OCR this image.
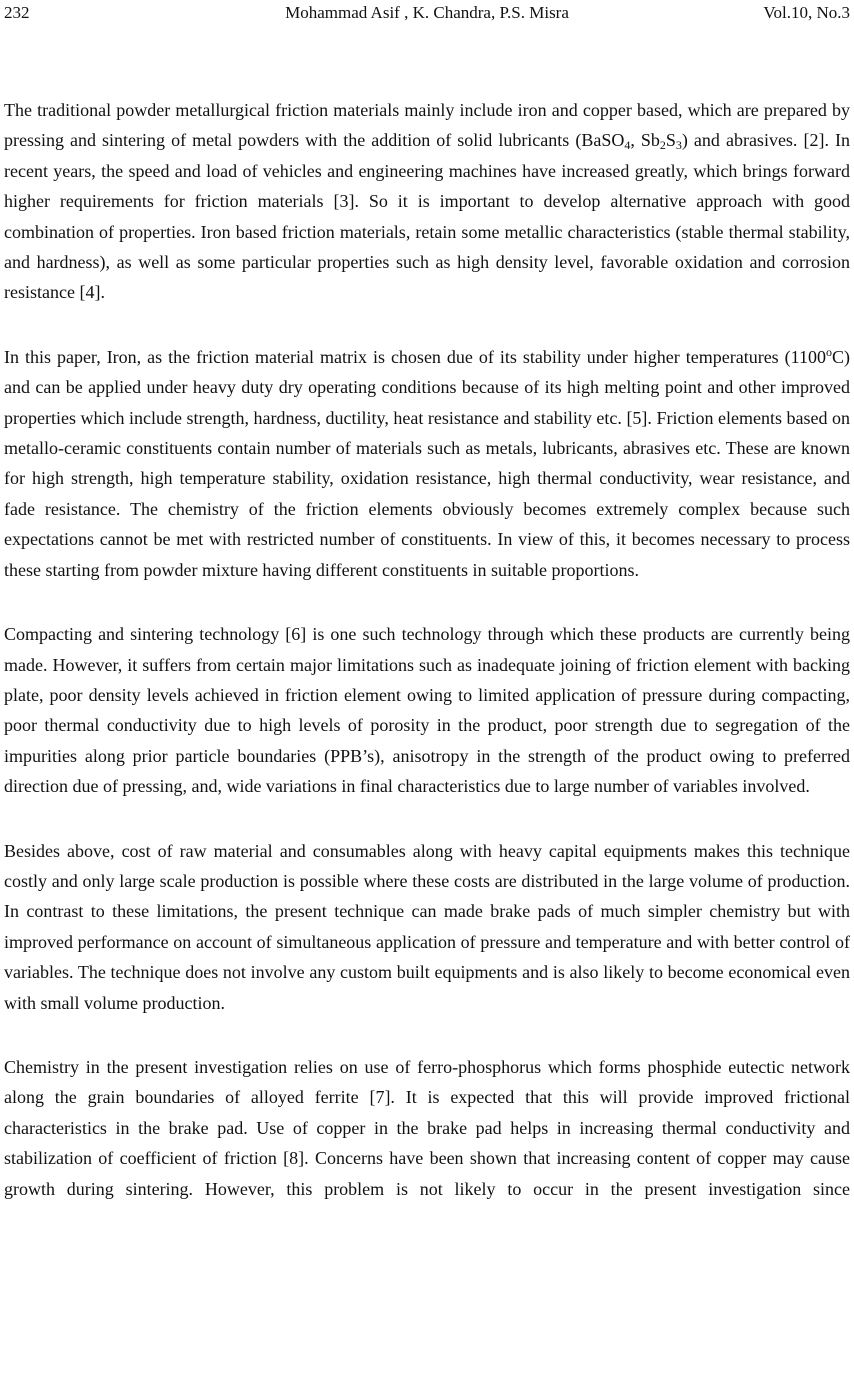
232	Mohammad Asif , K. Chandra, P.S. Misra	Vol.10, No.3

The traditional powder metallurgical friction materials mainly include iron and copper based, which are prepared by pressing and sintering of metal powders with the addition of solid lubricants (BaSO$_4$, $Sb_2S_3$) and abrasives. [2]. In recent years, the speed and load of vehicles and engineering machines have increased greatly, which brings forward higher requirements for friction materials [3]. So it is important to develop alternative approach with good combination of properties. Iron based friction materials, retain some metallic characteristics (stable thermal stability, and hardness), as well as some particular properties such as high density level, favorable oxidation and corrosion resistance [4].

In this paper, Iron, as the friction material matrix is chosen due of its stability under higher temperatures (1100$^o$C) and can be applied under heavy duty dry operating conditions because of its high melting point and other improved properties which include strength, hardness, ductility, heat resistance and stability etc. [5]. Friction elements based on metallo-ceramic constituents contain number of materials such as metals, lubricants, abrasives etc. These are known for high strength, high temperature stability, oxidation resistance, high thermal conductivity, wear resistance, and fade resistance. The chemistry of the friction elements obviously becomes extremely complex because such expectations cannot be met with restricted number of constituents. In view of this, it becomes necessary to process these starting from powder mixture having different constituents in suitable proportions.

Compacting and sintering technology [6] is one such technology through which these products are currently being made. However, it suffers from certain major limitations such as inadequate joining of friction element with backing plate, poor density levels achieved in friction element owing to limited application of pressure during compacting, poor thermal conductivity due to high levels of porosity in the product, poor strength due to segregation of the impurities along prior particle boundaries (PPB’s), anisotropy in the strength of the product owing to preferred direction due of pressing, and, wide variations in final characteristics due to large number of variables involved.

Besides above, cost of raw material and consumables along with heavy capital equipments makes this technique costly and only large scale production is possible where these costs are distributed in the large volume of production. In contrast to these limitations, the present technique can made brake pads of much simpler chemistry but with improved performance on account of simultaneous application of pressure and temperature and with better control of variables. The technique does not involve any custom built equipments and is also likely to become economical even with small volume production.

Chemistry in the present investigation relies on use of ferro-phosphorus which forms phosphide eutectic network along the grain boundaries of alloyed ferrite [7]. It is expected that this will provide improved frictional characteristics in the brake pad. Use of copper in the brake pad helps in increasing thermal conductivity and stabilization of coefficient of friction [8]. Concerns have been shown that increasing content of copper may cause growth during sintering. However, this problem is not likely to occur in the present investigation since
